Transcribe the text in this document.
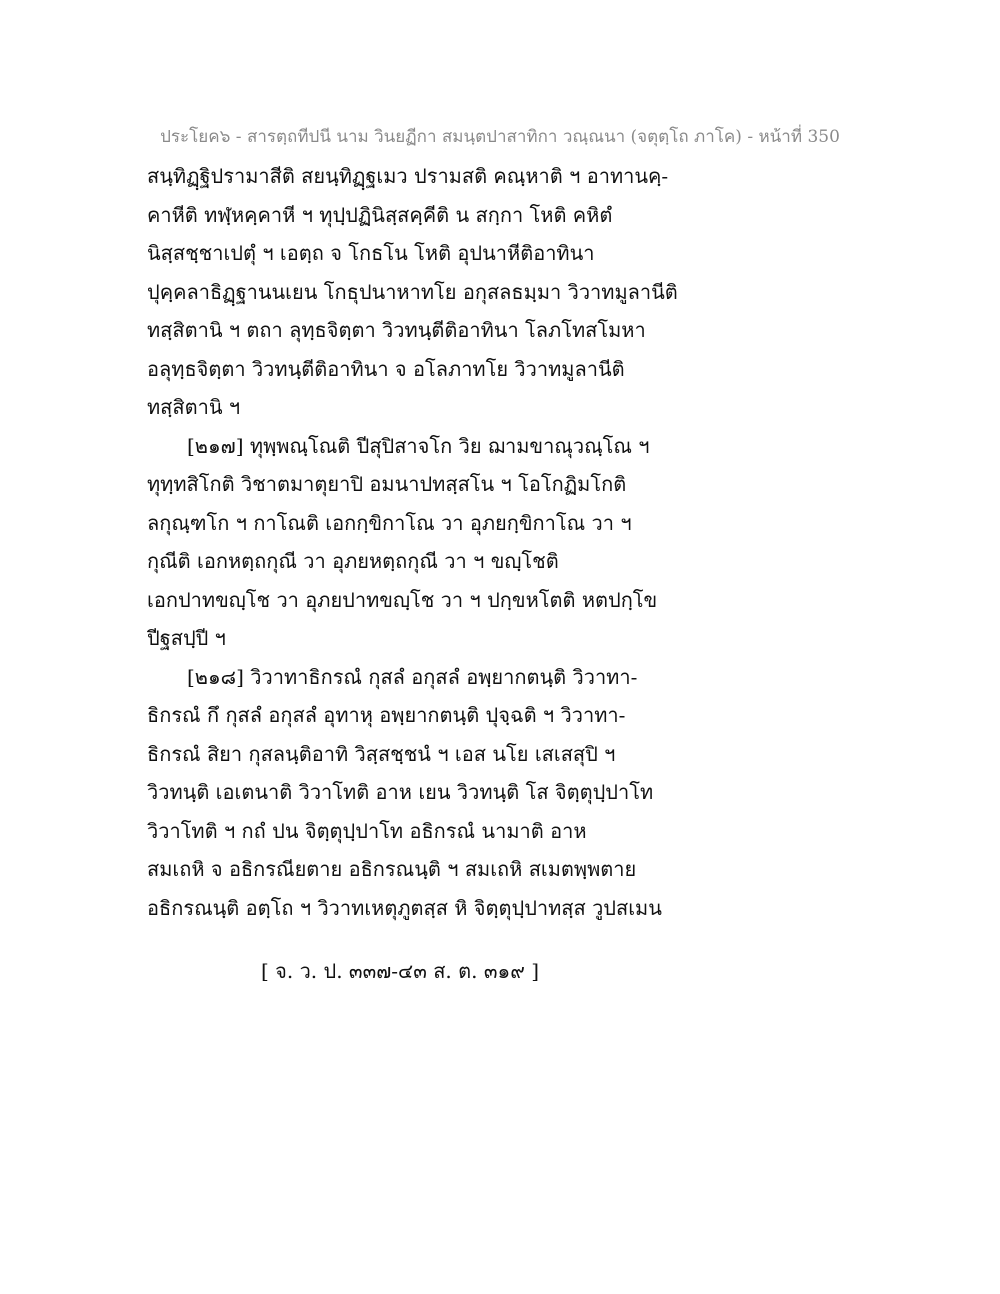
ประโยค๖ - สารตฺถทีปนี นาม วินยฏีกา สมนฺตปาสาทิกา วณฺณนา (จตุตฺโถ ภาโค) - หน้าที่ 350
สนฺทิฏฺฐิปรามาสีติ สยนฺทิฏฺฐเมว ปรามสติ คณฺหาติ ฯ อาทานคฺ-
คาหีติ ทฬฺหคฺคาหี ฯ ทุปฺปฏินิสฺสคฺคีติ น สกฺกา โหติ คหิตํ
นิสฺสชฺชาเปตุํ ฯ เอตฺถ จ โกธโน โหติ อุปนาหีติอาทินา
ปุคฺคลาธิฏฺฐานนเยน โกธุปนาหาทโย อกุสลธมฺมา วิวาทมูลานีติ
ทสฺสิตานิ ฯ ตถา ลุทฺธจิตฺตา วิวทนฺตีติอาทินา โลภโทสโมหา
อลุทฺธจิตฺตา วิวทนฺตีติอาทินา จ อโลภาทโย วิวาทมูลานีติ
ทสฺสิตานิ ฯ
[๒๑๗] ทุพฺพณฺโณติ ปีสุปิสาจโก วิย ฌามขาณุวณฺโณ ฯ
ทุทฺทสิโกติ วิชาตมาตุยาปิ อมนาปทสฺสโน ฯ โอโกฏิมโกติ
ลกุณฺฑโก ฯ กาโณติ เอกกฺขิกาโณ วา อุภยกฺขิกาโณ วา ฯ
กุณีติ เอกหตฺถกุณี วา อุภยหตฺถกุณี วา ฯ ขญฺโชติ
เอกปาทขญฺโช วา อุภยปาทขญฺโช วา ฯ ปกฺขหโตติ หตปกฺโข
ปีฐสปฺปี ฯ
[๒๑๘] วิวาทาธิกรณํ กุสลํ อกุสลํ อพฺยากตนฺติ วิวาทา-
ธิกรณํ กึ กุสลํ อกุสลํ อุทาหุ อพฺยากตนฺติ ปุจฺฉติ ฯ วิวาทา-
ธิกรณํ สิยา กุสลนฺติอาทิ วิสฺสชฺชนํ ฯ เอส นโย เสเสสุปิ ฯ
วิวทนฺติ เอเตนาติ วิวาโทติ อาห เยน วิวทนฺติ โส จิตฺตุปฺปาโท
วิวาโทติ ฯ กถํ ปน จิตฺตุปฺปาโท อธิกรณํ นามาติ อาห
สมเถหิ จ อธิกรณียตาย อธิกรณนฺติ ฯ สมเถหิ สเมตพฺพตาย
อธิกรณนฺติ อตฺโถ ฯ วิวาทเหตุภูตสฺส หิ จิตฺตุปฺปาทสฺส วูปสเมน
[ จ. ว. ป. ๓๓๗-๔๓ ส. ต. ๓๑๙ ]
